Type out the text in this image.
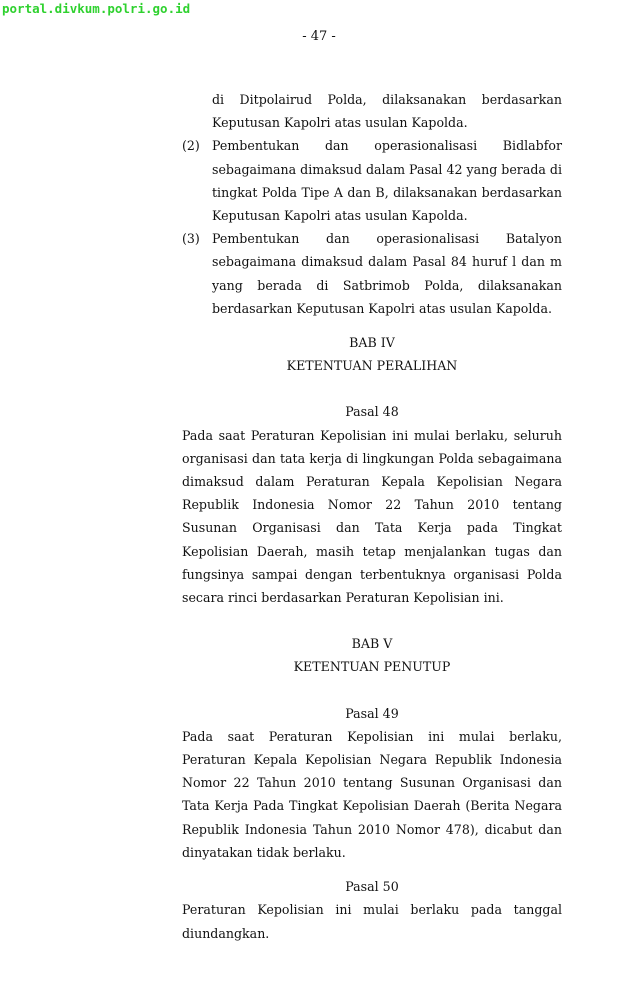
portal.divkum.polri.go.id
- 47 -

di Ditpolairud Polda, dilaksanakan berdasarkan Keputusan Kapolri atas usulan Kapolda.

(2) Pembentukan dan operasionalisasi Bidlabfor sebagaimana dimaksud dalam Pasal 42 yang berada di tingkat Polda Tipe A dan B, dilaksanakan berdasarkan Keputusan Kapolri atas usulan Kapolda.
(3) Pembentukan dan operasionalisasi Batalyon sebagaimana dimaksud dalam Pasal 84 huruf l dan m yang berada di Satbrimob Polda, dilaksanakan berdasarkan Keputusan Kapolri atas usulan Kapolda.

BAB IV

KETENTUAN PERALIHAN

Pasal 48

Pada saat Peraturan Kepolisian ini mulai berlaku, seluruh organisasi dan tata kerja di lingkungan Polda sebagaimana dimaksud dalam Peraturan Kepala Kepolisian Negara Republik Indonesia Nomor 22 Tahun 2010 tentang Susunan Organisasi dan Tata Kerja pada Tingkat Kepolisian Daerah, masih tetap menjalankan tugas dan fungsinya sampai dengan terbentuknya organisasi Polda secara rinci berdasarkan Peraturan Kepolisian ini.

BAB V

KETENTUAN PENUTUP

Pasal 49

Pada saat Peraturan Kepolisian ini mulai berlaku, Peraturan Kepala Kepolisian Negara Republik Indonesia Nomor 22 Tahun 2010 tentang Susunan Organisasi dan Tata Kerja Pada Tingkat Kepolisian Daerah (Berita Negara Republik Indonesia Tahun 2010 Nomor 478), dicabut dan dinyatakan tidak berlaku.

Pasal 50

Peraturan Kepolisian ini mulai berlaku pada tanggal diundangkan.
